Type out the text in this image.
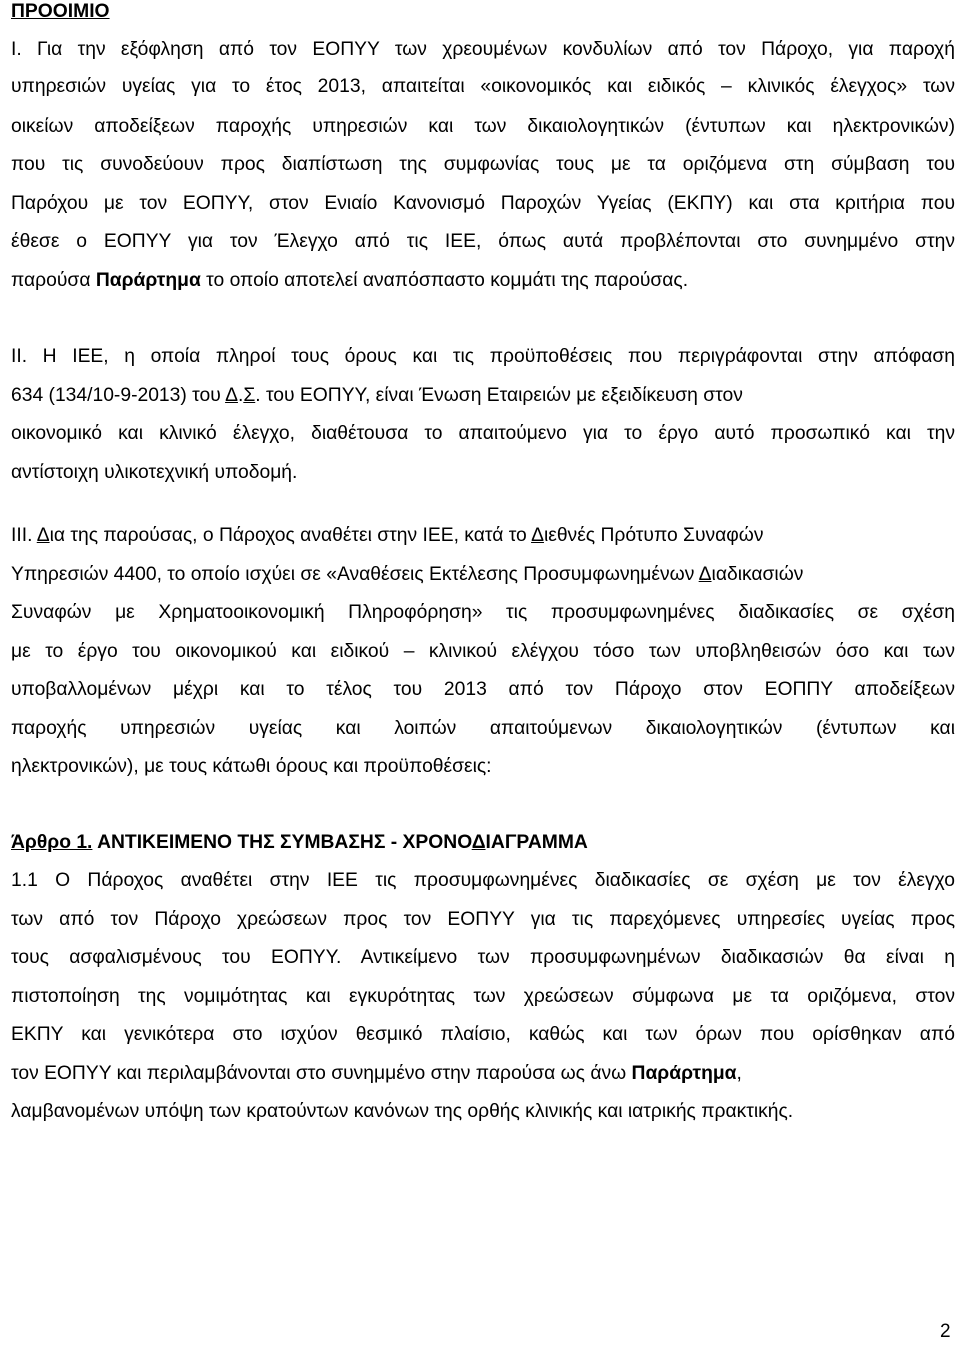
ΠΡΟΟΙΜΙΟ
Ι. Για την εξόφληση από τον ΕΟΠΥΥ των χρεουμένων κονδυλίων από τον Πάροχο, για παροχή
υπηρεσιών υγείας για το έτος 2013, απαιτείται «οικονομικός και ειδικός – κλινικός έλεγχος» των
οικείων αποδείξεων παροχής υπηρεσιών και των δικαιολογητικών (έντυπων και ηλεκτρονικών)
που τις συνοδεύουν προς διαπίστωση της συμφωνίας τους με τα οριζόμενα στη σύμβαση του
Παρόχου με τον ΕΟΠΥΥ, στον Ενιαίο Κανονισμό Παροχών Υγείας (ΕΚΠΥ) και στα κριτήρια που
έθεσε ο ΕΟΠΥΥ για τον Έλεγχο από τις ΙΕΕ, όπως αυτά προβλέπονται στο συνημμένο στην
παρούσα Παράρτημα το οποίο αποτελεί αναπόσπαστο κομμάτι της παρούσας.
ΙΙ. Η ΙΕΕ, η οποία πληροί τους όρους και τις προϋποθέσεις που περιγράφονται στην απόφαση
634 (134/10-9-2013) του Δ.Σ. του ΕΟΠΥΥ, είναι Ένωση Εταιρειών με εξειδίκευση στον
οικονομικό και κλινικό έλεγχο, διαθέτουσα το απαιτούμενο για το έργο αυτό προσωπικό και την
αντίστοιχη υλικοτεχνική υποδομή.
ΙΙΙ. Δια της παρούσας, ο Πάροχος αναθέτει στην ΙΕΕ, κατά το Διεθνές Πρότυπο Συναφών
Υπηρεσιών 4400, το οποίο ισχύει σε «Αναθέσεις Εκτέλεσης Προσυμφωνημένων Διαδικασιών
Συναφών με Χρηματοοικονομική Πληροφόρηση» τις προσυμφωνημένες διαδικασίες σε σχέση
με το έργο του οικονομικού και ειδικού – κλινικού ελέγχου τόσο των υποβληθεισών όσο και των
υποβαλλομένων μέχρι και το τέλος του 2013 από τον Πάροχο στον ΕΟΠΠΥ αποδείξεων
παροχής υπηρεσιών υγείας και λοιπών απαιτούμενων δικαιολογητικών (έντυπων και
ηλεκτρονικών), με τους κάτωθι όρους και προϋποθέσεις:
Άρθρο 1. ΑΝΤΙΚΕΙΜΕΝΟ ΤΗΣ ΣΥΜΒΑΣΗΣ - ΧΡΟΝΟΔΙΑΓΡΑΜΜΑ
1.1 Ο Πάροχος αναθέτει στην ΙΕΕ τις προσυμφωνημένες διαδικασίες σε σχέση με τον έλεγχο
των από τον Πάροχο χρεώσεων προς τον ΕΟΠΥΥ για τις παρεχόμενες υπηρεσίες υγείας προς
τους ασφαλισμένους του ΕΟΠΥΥ. Αντικείμενο των προσυμφωνημένων διαδικασιών θα είναι η
πιστοποίηση της νομιμότητας και εγκυρότητας των χρεώσεων σύμφωνα με τα οριζόμενα, στον
ΕΚΠΥ και γενικότερα στο ισχύον θεσμικό πλαίσιο, καθώς και των όρων που ορίσθηκαν από
τον ΕΟΠΥΥ και περιλαμβάνονται στο συνημμένο στην παρούσα ως άνω Παράρτημα,
λαμβανομένων υπόψη των κρατούντων κανόνων της ορθής κλινικής και ιατρικής πρακτικής.
2
